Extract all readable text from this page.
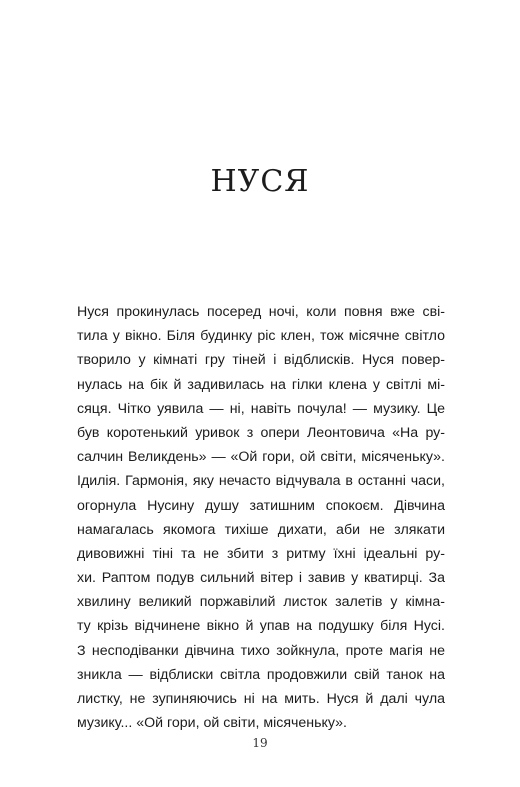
НУСЯ
Нуся прокинулась посеред ночі, коли повня вже сві-
тила у вікно. Біля будинку ріс клен, тож місячне світло
творило у кімнаті гру тіней і відблисків. Нуся повер-
нулась на бік й задивилась на гілки клена у світлі мі-
сяця. Чітко уявила — ні, навіть почула! — музику. Це
був коротенький уривок з опери Леонтовича «На ру-
салчин Великдень» — «Ой гори, ой світи, місяченьку».
Ідилія. Гармонія, яку нечасто відчувала в останні часи,
огорнула Нусину душу затишним спокоєм. Дівчина
намагалась якомога тихіше дихати, аби не злякати
дивовижні тіні та не збити з ритму їхні ідеальні ру-
хи. Раптом подув сильний вітер і завив у кватирці. За
хвилину великий поржавілий листок залетів у кімна-
ту крізь відчинене вікно й упав на подушку біля Нусі.
З несподіванки дівчина тихо зойкнула, проте магія не
зникла — відблиски світла продовжили свій танок на
листку, не зупиняючись ні на мить. Нуся й далі чула
музику... «Ой гори, ой світи, місяченьку».
19
